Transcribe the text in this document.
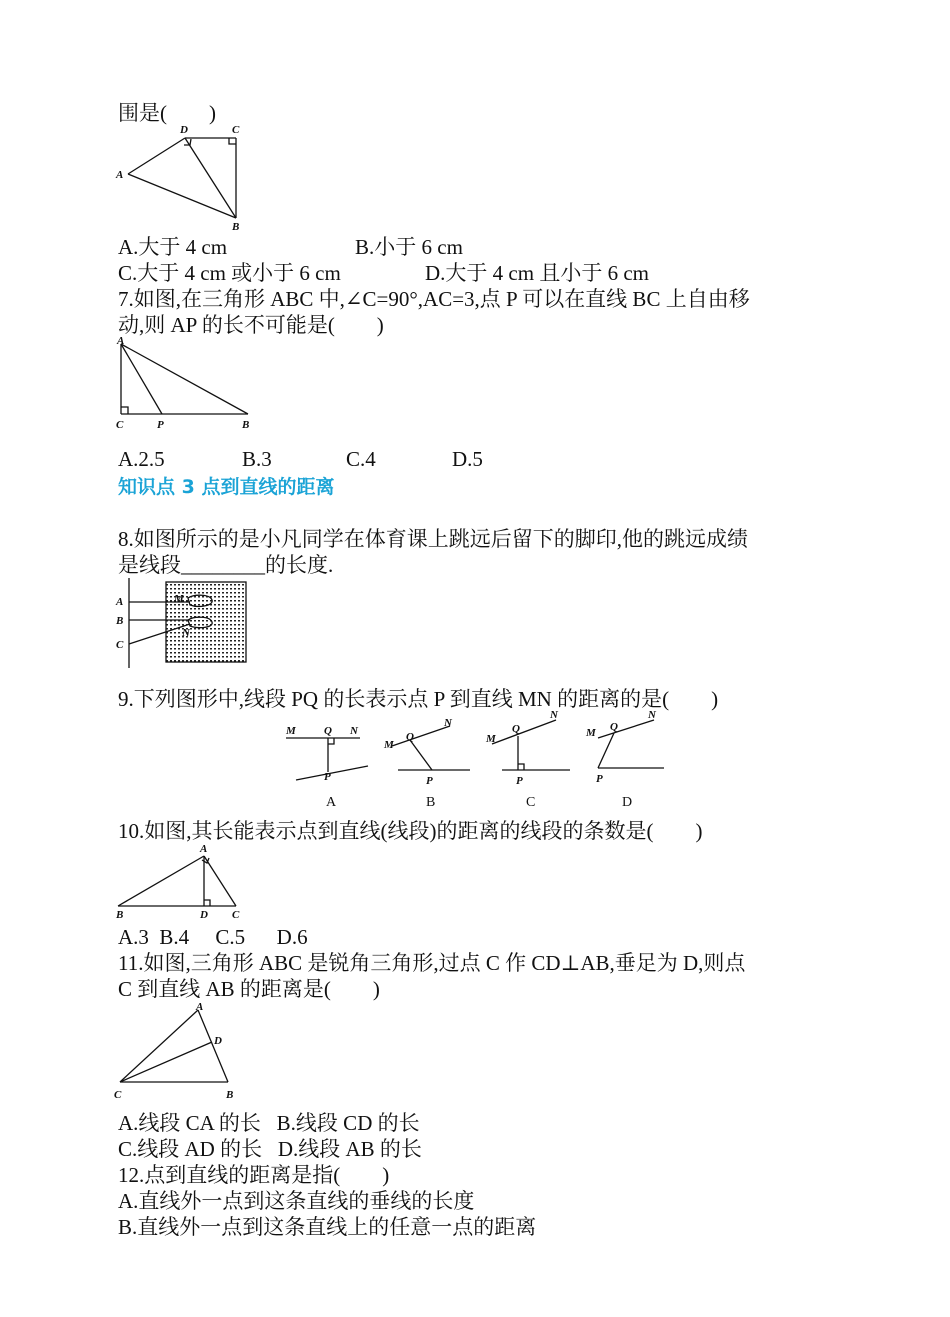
围是(　　)
A
D	C
B
A.大于 4 cm	B.小于 6 cm
C.大于 4 cm 或小于 6 cm	D.大于 4 cm 且小于 6 cm
7.如图,在三角形 ABC 中,∠C=90°,AC=3,点 P 可以在直线 BC 上自由移
动,则 AP 的长不可能是(　　)
A
C	P	B
A.2.5	B.3	C.4	D.5
知识点 3 点到直线的距离
8.如图所示的是小凡同学在体育课上跳远后留下的脚印,他的跳远成绩
是线段________的长度.
A
B
C
M
N
9.下列图形中,线段 PQ 的长表示点 P 到直线 MN 的距离的是(　　)
M	Q N
P
A
M
Q
N
P
B
M
Q
N
P
C
M Q
N
P
D
10.如图,其长能表示点到直线(线段)的距离的线段的条数是(　　)
A
B	D C
A.3  B.4     C.5      D.6
11.如图,三角形 ABC 是锐角三角形,过点 C 作 CD⊥AB,垂足为 D,则点
C 到直线 AB 的距离是(　　)
A
D
C	B
A.线段 CA 的长   B.线段 CD 的长
C.线段 AD 的长   D.线段 AB 的长
12.点到直线的距离是指(　　)
A.直线外一点到这条直线的垂线的长度
B.直线外一点到这条直线上的任意一点的距离
